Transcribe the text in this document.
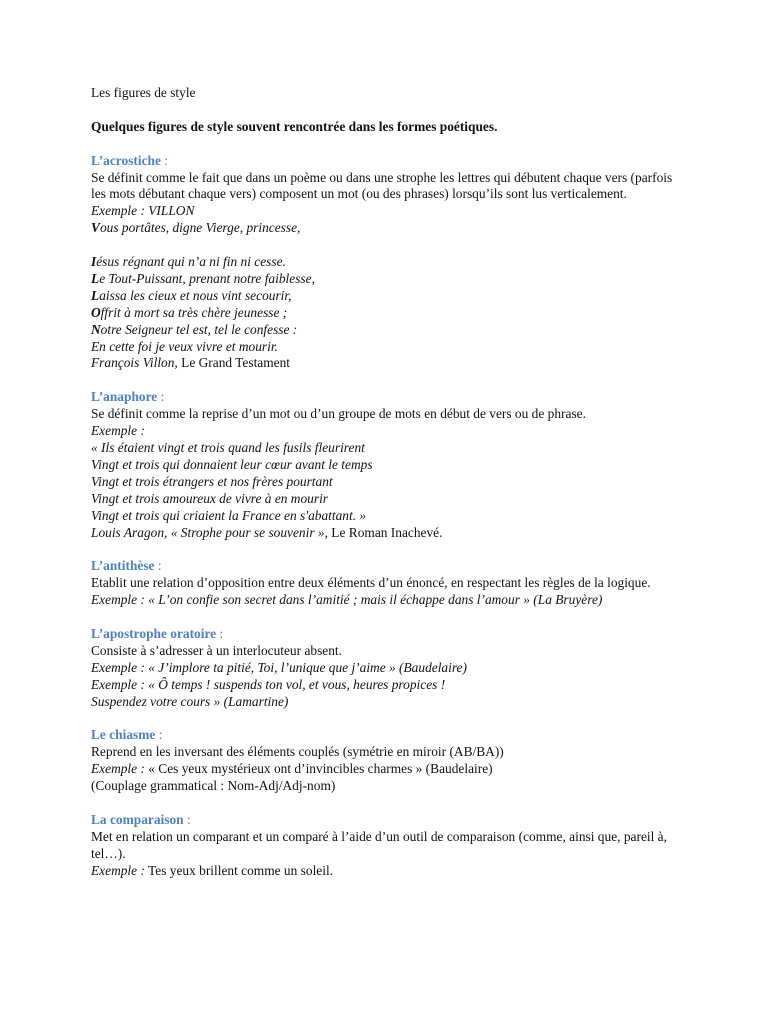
Les figures de style
Quelques figures de style souvent rencontrée dans les formes poétiques.
L’acrostiche :
Se définit comme le fait que dans un poème ou dans une strophe les lettres qui débutent chaque vers (parfois les mots débutant chaque vers) composent un mot (ou des phrases) lorsqu’ils sont lus verticalement.
Exemple : VILLON
Vous portâtes, digne Vierge, princesse,
Iésus régnant qui n’a ni fin ni cesse.
Le Tout-Puissant, prenant notre faiblesse,
Laissa les cieux et nous vint secourir,
Offrit à mort sa très chère jeunesse ;
Notre Seigneur tel est, tel le confesse :
En cette foi je veux vivre et mourir.
François Villon, Le Grand Testament
L’anaphore :
Se définit comme la reprise d’un mot ou d’un groupe de mots en début de vers ou de phrase.
Exemple :
« Ils étaient vingt et trois quand les fusils fleurirent
Vingt et trois qui donnaient leur cœur avant le temps
Vingt et trois étrangers et nos frères pourtant
Vingt et trois amoureux de vivre à en mourir
Vingt et trois qui criaient la France en s'abattant. »
Louis Aragon, « Strophe pour se souvenir », Le Roman Inachevé.
L’antithèse :
Etablit une relation d’opposition entre deux éléments d’un énoncé, en respectant les règles de la logique.
Exemple : « L’on confie son secret dans l’amitié ; mais il échappe dans l’amour » (La Bruyère)
L’apostrophe oratoire :
Consiste à s’adresser à un interlocuteur absent.
Exemple : « J’implore ta pitié, Toi, l’unique que j’aime » (Baudelaire)
Exemple : « Ô temps ! suspends ton vol, et vous, heures propices !
Suspendez votre cours » (Lamartine)
Le chiasme :
Reprend en les inversant des éléments couplés (symétrie en miroir (AB/BA))
Exemple : « Ces yeux mystérieux ont d’invincibles charmes » (Baudelaire)
(Couplage grammatical : Nom-Adj/Adj-nom)
La comparaison :
Met en relation un comparant et un comparé à l’aide d’un outil de comparaison (comme, ainsi que, pareil à, tel…).
Exemple : Tes yeux brillent comme un soleil.
